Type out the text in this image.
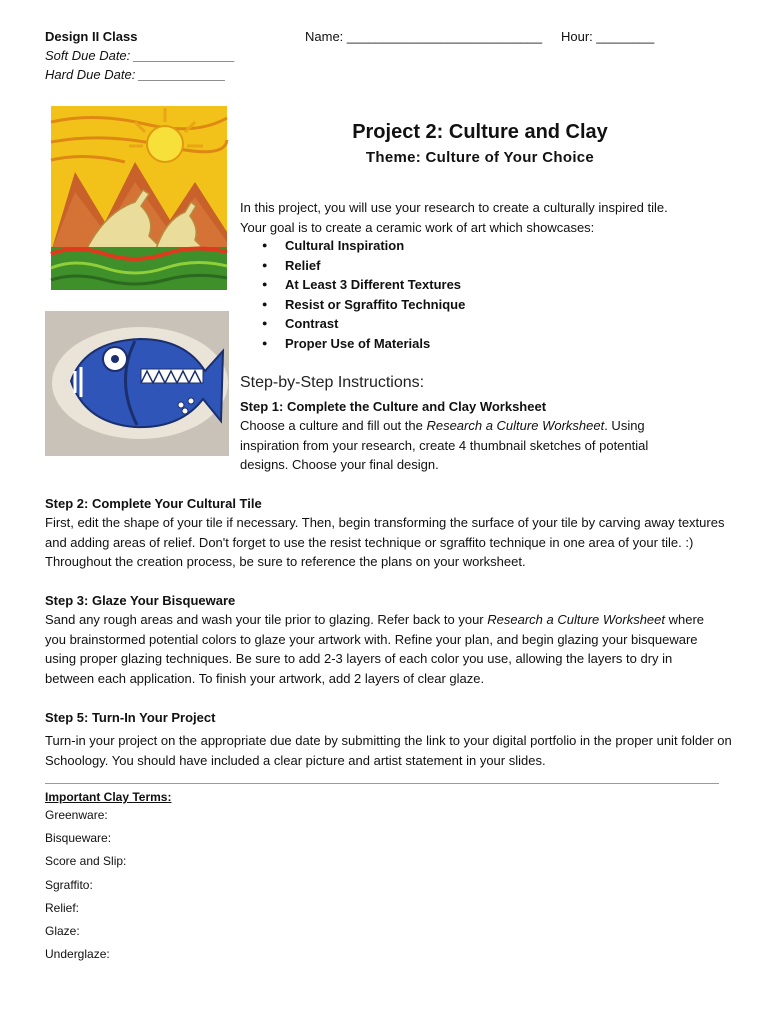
Design II Class	Name: ___________________________ Hour: ________
Soft Due Date: ______________
Hard Due Date: ____________
Project 2: Culture and Clay
Theme: Culture of Your Choice
In this project, you will use your research to create a culturally inspired tile.
Your goal is to create a ceramic work of art which showcases:
● Cultural Inspiration
● Relief
● At Least 3 Different Textures
● Resist or Sgraffito Technique
● Contrast
● Proper Use of Materials
Step-by-Step Instructions:
Step 1: Complete the Culture and Clay Worksheet
Choose a culture and fill out the Research a Culture Worksheet. Using inspiration from your research, create 4 thumbnail sketches of potential designs. Choose your final design.
Step 2: Complete Your Cultural Tile
First, edit the shape of your tile if necessary. Then, begin transforming the surface of your tile by carving away textures and adding areas of relief. Don't forget to use the resist technique or sgraffito technique in one area of your tile. :) Throughout the creation process, be sure to reference the plans on your worksheet.
Step 3: Glaze Your Bisqueware
Sand any rough areas and wash your tile prior to glazing. Refer back to your Research a Culture Worksheet where you brainstormed potential colors to glaze your artwork with. Refine your plan, and begin glazing your bisqueware using proper glazing techniques. Be sure to add 2-3 layers of each color you use, allowing the layers to dry in between each application. To finish your artwork, add 2 layers of clear glaze.
Step 5: Turn-In Your Project
Turn-in your project on the appropriate due date by submitting the link to your digital portfolio in the proper unit folder on Schoology. You should have included a clear picture and artist statement in your slides.
Important Clay Terms:
Greenware:
Bisqueware:
Score and Slip:
Sgraffito:
Relief:
Glaze:
Underglaze:
